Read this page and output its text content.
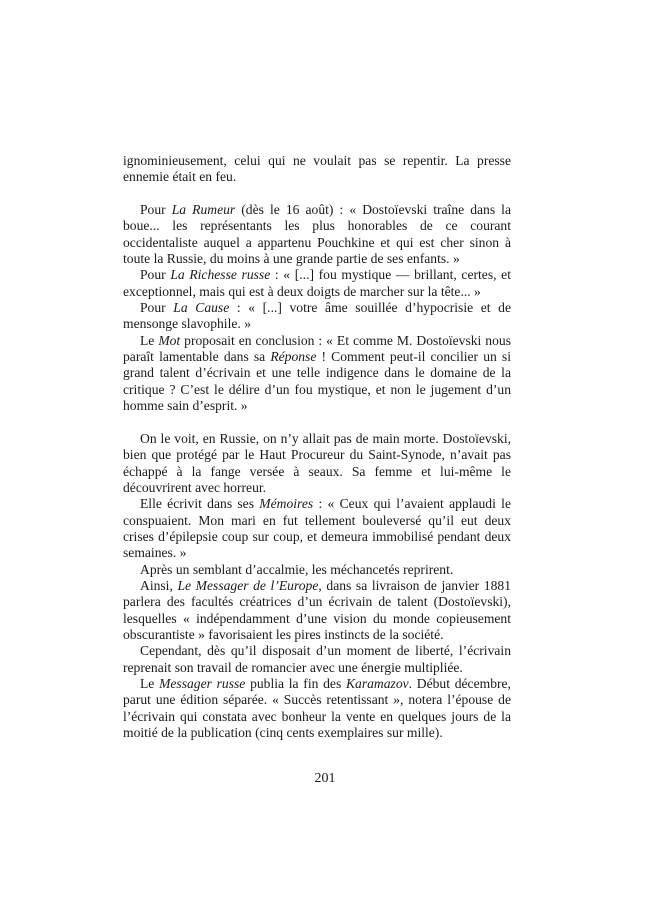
ignominieusement, celui qui ne voulait pas se repentir. La presse ennemie était en feu.

Pour La Rumeur (dès le 16 août) : « Dostoïevski traîne dans la boue... les représentants les plus honorables de ce courant occidentaliste auquel a appartenu Pouchkine et qui est cher sinon à toute la Russie, du moins à une grande partie de ses enfants. »

Pour La Richesse russe : « [...] fou mystique — brillant, certes, et exceptionnel, mais qui est à deux doigts de marcher sur la tête... »

Pour La Cause : « [...] votre âme souillée d’hypocrisie et de mensonge slavophile. »

Le Mot proposait en conclusion : « Et comme M. Dostoïevski nous paraît lamentable dans sa Réponse ! Comment peut-il concilier un si grand talent d’écrivain et une telle indigence dans le domaine de la critique ? C’est le délire d’un fou mystique, et non le jugement d’un homme sain d’esprit. »

On le voit, en Russie, on n’y allait pas de main morte. Dostoïevski, bien que protégé par le Haut Procureur du Saint-Synode, n’avait pas échappé à la fange versée à seaux. Sa femme et lui-même le découvrirent avec horreur.

Elle écrivit dans ses Mémoires : « Ceux qui l’avaient applaudi le conspuaient. Mon mari en fut tellement bouleversé qu’il eut deux crises d’épilepsie coup sur coup, et demeura immobilisé pendant deux semaines. »

Après un semblant d’accalmie, les méchancetés reprirent.

Ainsi, Le Messager de l’Europe, dans sa livraison de janvier 1881 parlera des facultés créatrices d’un écrivain de talent (Dostoïevski), lesquelles « indépendamment d’une vision du monde copieusement obscurantiste » favorisaient les pires instincts de la société.

Cependant, dès qu’il disposait d’un moment de liberté, l’écrivain reprenait son travail de romancier avec une énergie multipliée.

Le Messager russe publia la fin des Karamazov. Début décembre, parut une édition séparée. « Succès retentissant », notera l’épouse de l’écrivain qui constata avec bonheur la vente en quelques jours de la moitié de la publication (cinq cents exemplaires sur mille).

201
